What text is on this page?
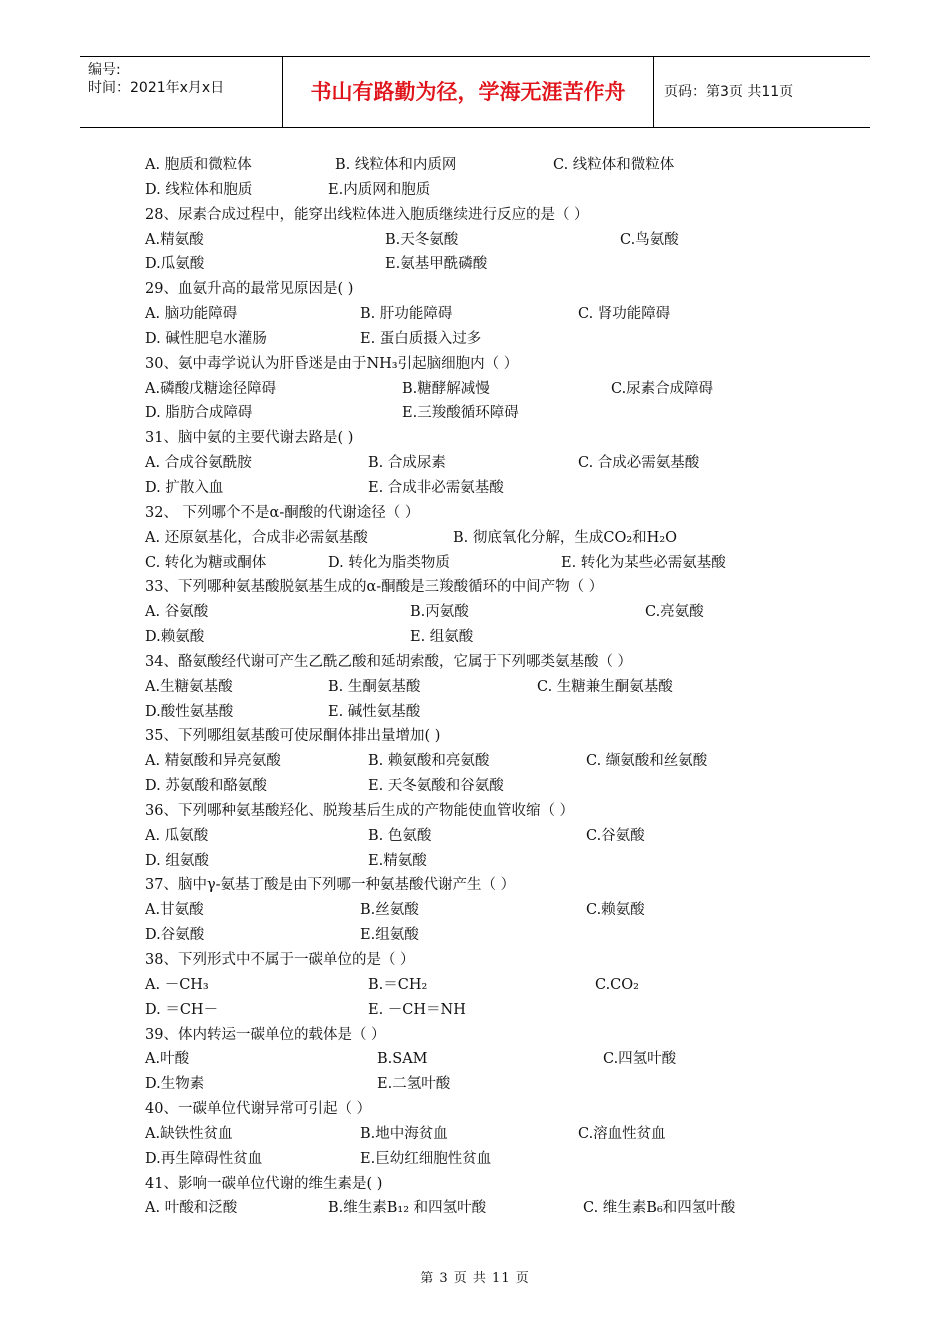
编号:
时间：2021年x月x日	书山有路勤为径，学海无涯苦作舟	页码：第3页 共11页
A. 胞质和微粒体	B. 线粒体和内质网	C. 线粒体和微粒体
D. 线粒体和胞质	E.内质网和胞质
28、尿素合成过程中，能穿出线粒体进入胞质继续进行反应的是（ ）
A.精氨酸	B.天冬氨酸	C.鸟氨酸
D.瓜氨酸	E.氨基甲酰磷酸
29、血氨升高的最常见原因是( )
A. 脑功能障碍	B. 肝功能障碍	C. 肾功能障碍
D. 碱性肥皂水灌肠	E. 蛋白质摄入过多
30、氨中毒学说认为肝昏迷是由于NH₃引起脑细胞内（ ）
A.磷酸戊糖途径障碍	B.糖酵解减慢	C.尿素合成障碍
D. 脂肪合成障碍	E.三羧酸循环障碍
31、脑中氨的主要代谢去路是( )
A. 合成谷氨酰胺	B. 合成尿素	C. 合成必需氨基酸
D. 扩散入血	E. 合成非必需氨基酸
32、 下列哪个不是α-酮酸的代谢途径（ ）
A. 还原氨基化，合成非必需氨基酸	B. 彻底氧化分解，生成CO₂和H₂O
C. 转化为糖或酮体	D. 转化为脂类物质	E. 转化为某些必需氨基酸
33、下列哪种氨基酸脱氨基生成的α-酮酸是三羧酸循环的中间产物（ ）
A. 谷氨酸	B.丙氨酸	C.亮氨酸
D.赖氨酸	E. 组氨酸
34、酪氨酸经代谢可产生乙酰乙酸和延胡索酸，它属于下列哪类氨基酸（ ）
A.生糖氨基酸	B. 生酮氨基酸	C. 生糖兼生酮氨基酸
D.酸性氨基酸	E. 碱性氨基酸
35、下列哪组氨基酸可使尿酮体排出量增加( )
A. 精氨酸和异亮氨酸	B. 赖氨酸和亮氨酸	C. 缬氨酸和丝氨酸
D. 苏氨酸和酪氨酸	E. 天冬氨酸和谷氨酸
36、下列哪种氨基酸羟化、脱羧基后生成的产物能使血管收缩（ ）
A. 瓜氨酸	B. 色氨酸	C.谷氨酸
D. 组氨酸	E.精氨酸
37、脑中γ-氨基丁酸是由下列哪一种氨基酸代谢产生（ ）
A.甘氨酸	B.丝氨酸	C.赖氨酸
D.谷氨酸	E.组氨酸
38、下列形式中不属于一碳单位的是（ ）
A. －CH₃	B.＝CH₂	C.CO₂
D. ＝CH－	E. －CH＝NH
39、体内转运一碳单位的载体是（ ）
A.叶酸	B.SAM	C.四氢叶酸
D.生物素	E.二氢叶酸
40、一碳单位代谢异常可引起（ ）
A.缺铁性贫血	B.地中海贫血	C.溶血性贫血
D.再生障碍性贫血	E.巨幼红细胞性贫血
41、影响一碳单位代谢的维生素是( )
A. 叶酸和泛酸	B.维生素B₁₂ 和四氢叶酸	C. 维生素B₆和四氢叶酸
第 3 页 共 11 页
